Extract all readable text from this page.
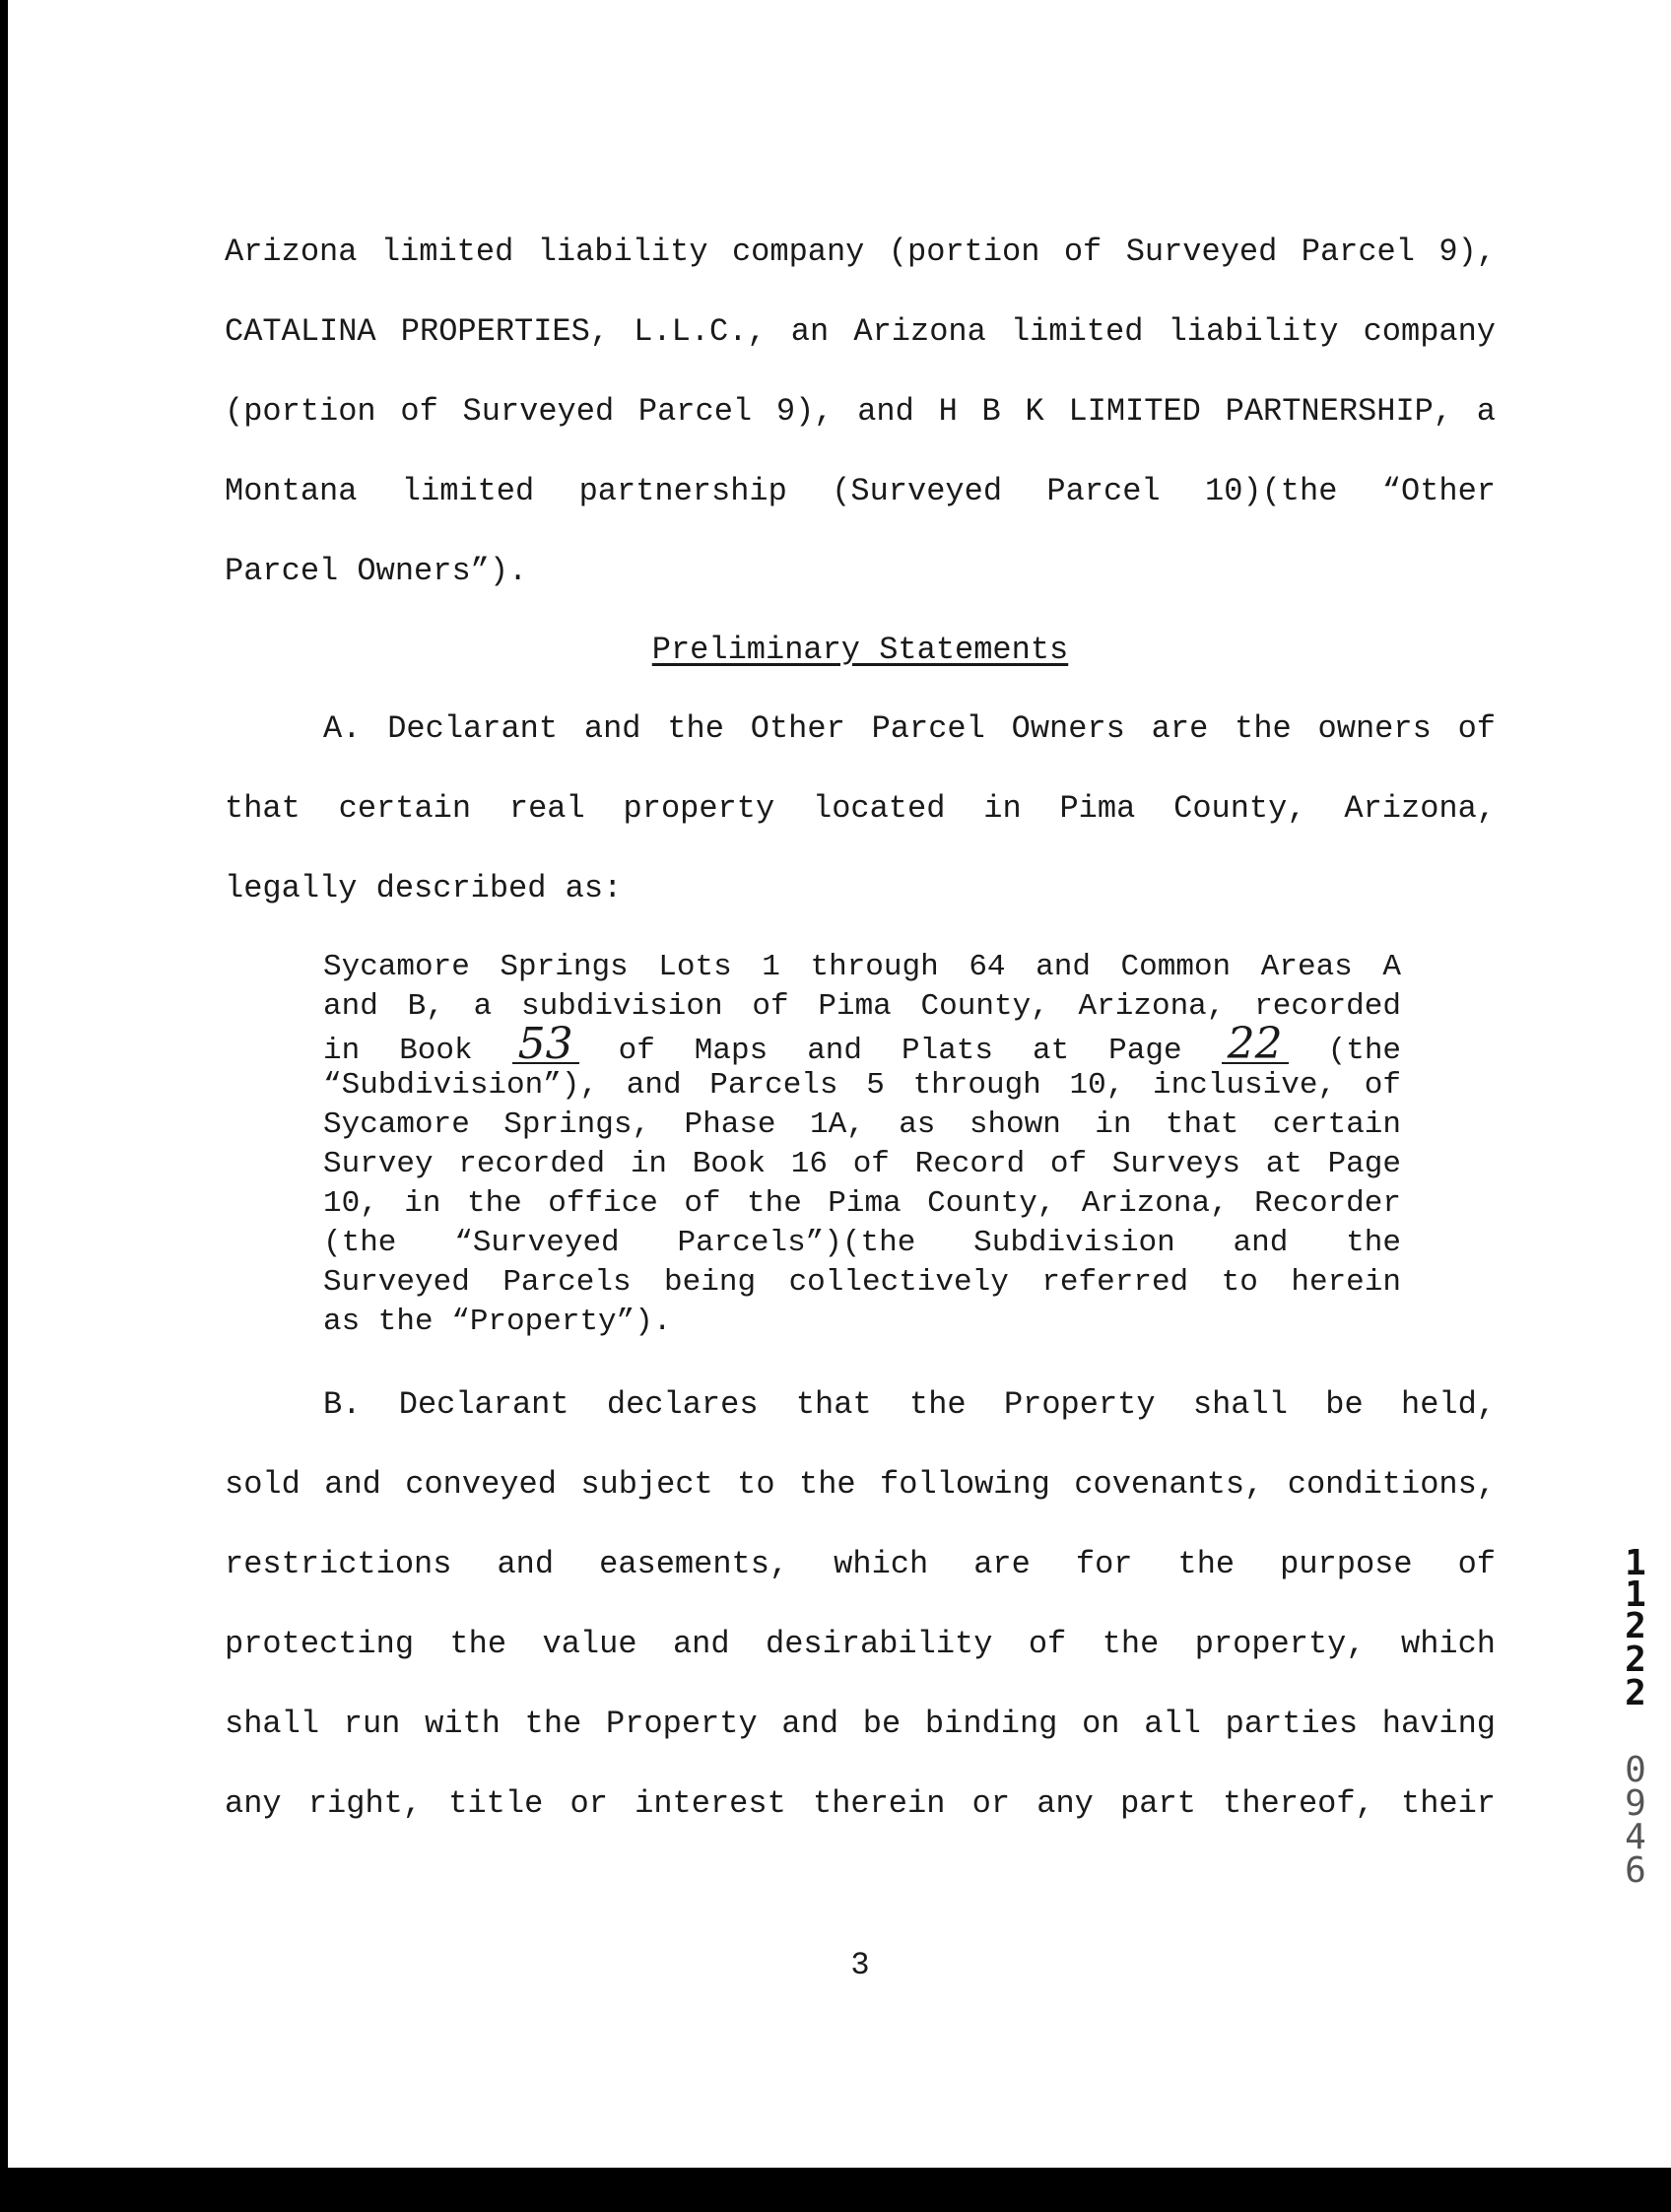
Arizona limited liability company (portion of Surveyed Parcel 9),
CATALINA PROPERTIES, L.L.C., an Arizona limited liability company
(portion of Surveyed Parcel 9), and H B K LIMITED PARTNERSHIP, a
Montana limited partnership (Surveyed Parcel 10)(the “Other
Parcel Owners”).
Preliminary Statements
A. Declarant and the Other Parcel Owners are the owners of
that certain real property located in Pima County, Arizona,
legally described as:
Sycamore Springs Lots 1 through 64 and Common Areas A
and B, a subdivision of Pima County, Arizona, recorded
in Book 53 of Maps and Plats at Page 22 (the
“Subdivision”), and Parcels 5 through 10, inclusive, of
Sycamore Springs, Phase 1A, as shown in that certain
Survey recorded in Book 16 of Record of Surveys at Page
10, in the office of the Pima County, Arizona, Recorder
(the “Surveyed Parcels”)(the Subdivision and the
Surveyed Parcels being collectively referred to herein
as the “Property”).
B. Declarant declares that the Property shall be held,
sold and conveyed subject to the following covenants, conditions,
restrictions and easements, which are for the purpose of
protecting the value and desirability of the property, which
shall run with the Property and be binding on all parties having
any right, title or interest therein or any part thereof, their
3
1
1
2
2
2
0
9
4
6
